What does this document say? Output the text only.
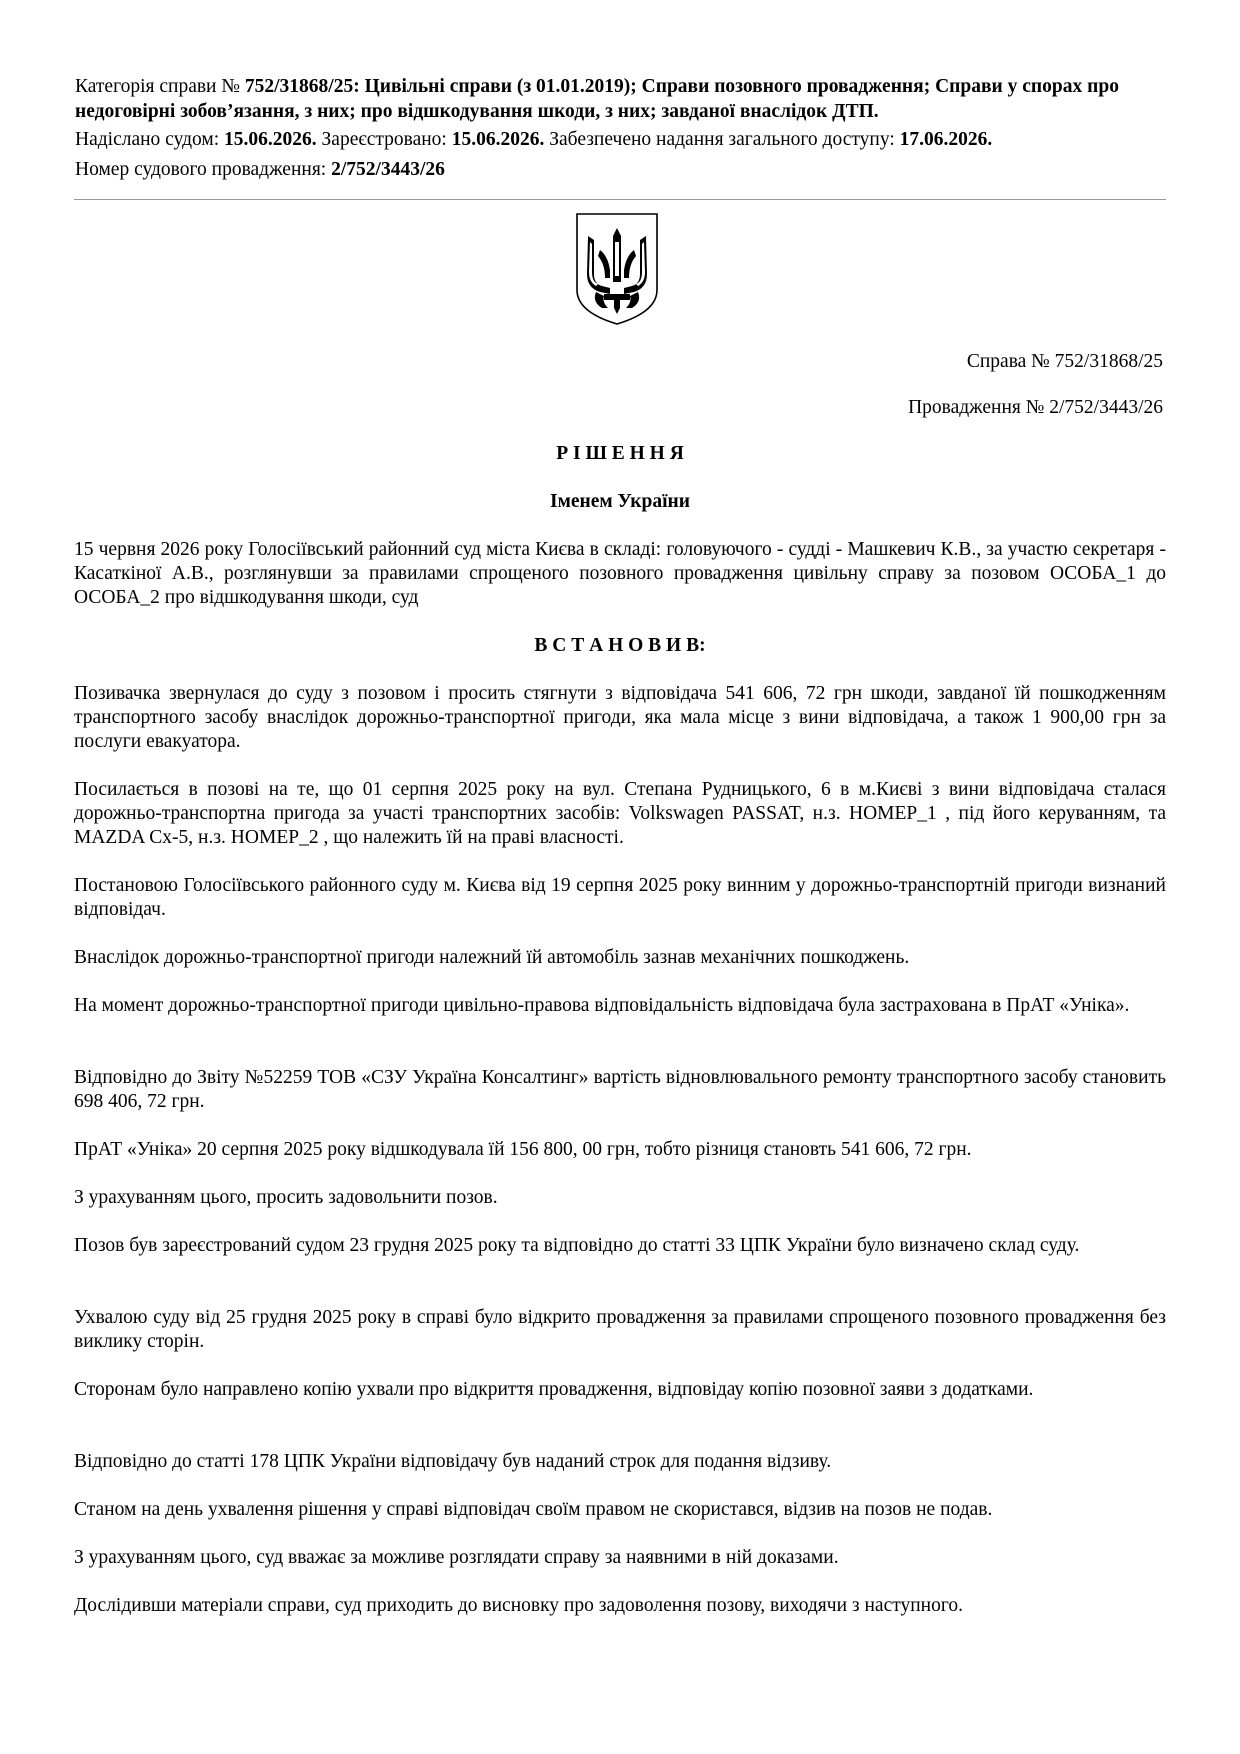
Категорія справи № 752/31868/25: Цивільні справи (з 01.01.2019); Справи позовного провадження; Справи у спорах про недоговірні зобов’язання, з них; про відшкодування шкоди, з них; завданої внаслідок ДТП.
Надіслано судом: 15.06.2026. Зареєстровано: 15.06.2026. Забезпечено надання загального доступу: 17.06.2026.
Номер судового провадження: 2/752/3443/26
Справа № 752/31868/25
Провадження № 2/752/3443/26
Р І Ш Е Н Н Я
Іменем України

15 червня 2026 року Голосіївський районний суд міста Києва в складі: головуючого - судді - Машкевич К.В., за участю секретаря - Касаткіної А.В., розглянувши за правилами спрощеного позовного провадження цивільну справу за позовом ОСОБА_1 до ОСОБА_2 про відшкодування шкоди, суд

В С Т А Н О В И В:

Позивачка звернулася до суду з позовом і просить стягнути з відповідача 541 606, 72 грн шкоди, завданої їй пошкодженням транспортного засобу внаслідок дорожньо-транспортної пригоди, яка мала місце з вини відповідача, а також 1 900,00 грн за послуги евакуатора.

Посилається в позові на те, що 01 серпня 2025 року на вул. Степана Рудницького, 6 в м.Києві з вини відповідача сталася дорожньо-транспортна пригода за участі транспортних засобів: Volkswagen PASSAT, н.з. НОМЕР_1 , під його керуванням, та MAZDA Cx-5, н.з. НОМЕР_2 , що належить їй на праві власності.

Постановою Голосіївського районного суду м. Києва від 19 серпня 2025 року винним у дорожньо-транспортній пригоди визнаний відповідач.

Внаслідок дорожньо-транспортної пригоди належний їй автомобіль зазнав механічних пошкоджень.

На момент дорожньо-транспортної пригоди цивільно-правова відповідальність відповідача була застрахована в ПрАТ «Уніка».

Відповідно до Звіту №52259 ТОВ «СЗУ Україна Консалтинг» вартість відновлювального ремонту транспортного засобу становить 698 406, 72 грн.

ПрАТ «Уніка» 20 серпня 2025 року відшкодувала їй 156 800, 00 грн, тобто різниця становть 541 606, 72 грн.

З урахуванням цього, просить задовольнити позов.

Позов був зареєстрований судом 23 грудня 2025 року та відповідно до статті 33 ЦПК України було визначено склад суду.

Ухвалою суду від 25 грудня 2025 року в справі було відкрито провадження за правилами спрощеного позовного провадження без виклику сторін.

Сторонам було направлено копію ухвали про відкриття провадження, відповідау копію позовної заяви з додатками.

Відповідно до статті 178 ЦПК України відповідачу був наданий строк для подання відзиву.

Станом на день ухвалення рішення у справі відповідач своїм правом не скористався, відзив на позов не подав.

З урахуванням цього, суд вважає за можливе розглядати справу за наявними в ній доказами.

Дослідивши матеріали справи, суд приходить до висновку про задоволення позову, виходячи з наступного.
